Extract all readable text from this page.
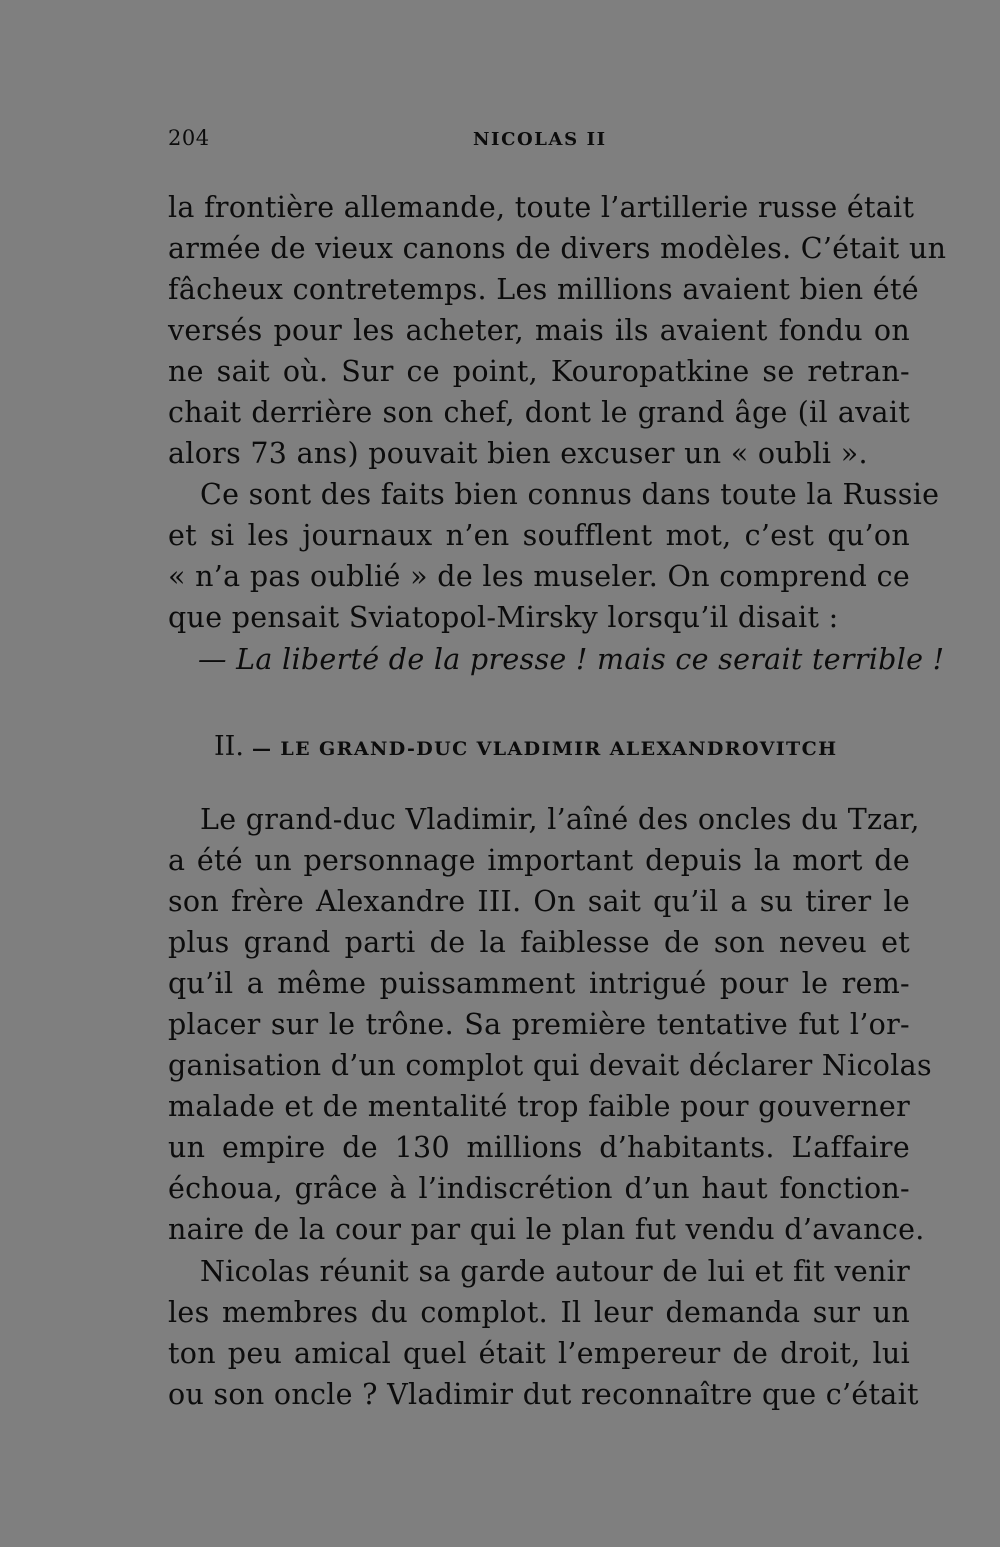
204	NICOLAS II
la frontière allemande, toute l’artillerie russe était
armée de vieux canons de divers modèles. C’était un
fâcheux contretemps. Les millions avaient bien été
versés pour les acheter, mais ils avaient fondu on
ne sait où. Sur ce point, Kouropatkine se retran-
chait derrière son chef, dont le grand âge (il avait
alors 73 ans) pouvait bien excuser un « oubli ».
Ce sont des faits bien connus dans toute la Russie
et si les journaux n’en soufflent mot, c’est qu’on
« n’a pas oublié » de les museler. On comprend ce
que pensait Sviatopol-Mirsky lorsqu’il disait :
— La liberté de la presse ! mais ce serait terrible !
II. — LE GRAND-DUC VLADIMIR ALEXANDROVITCH
Le grand-duc Vladimir, l’aîné des oncles du Tzar,
a été un personnage important depuis la mort de
son frère Alexandre III. On sait qu’il a su tirer le
plus grand parti de la faiblesse de son neveu et
qu’il a même puissamment intrigué pour le rem-
placer sur le trône. Sa première tentative fut l’or-
ganisation d’un complot qui devait déclarer Nicolas
malade et de mentalité trop faible pour gouverner
un empire de 130 millions d’habitants. L’affaire
échoua, grâce à l’indiscrétion d’un haut fonction-
naire de la cour par qui le plan fut vendu d’avance.
Nicolas réunit sa garde autour de lui et fit venir
les membres du complot. Il leur demanda sur un
ton peu amical quel était l’empereur de droit, lui
ou son oncle ? Vladimir dut reconnaître que c’était
